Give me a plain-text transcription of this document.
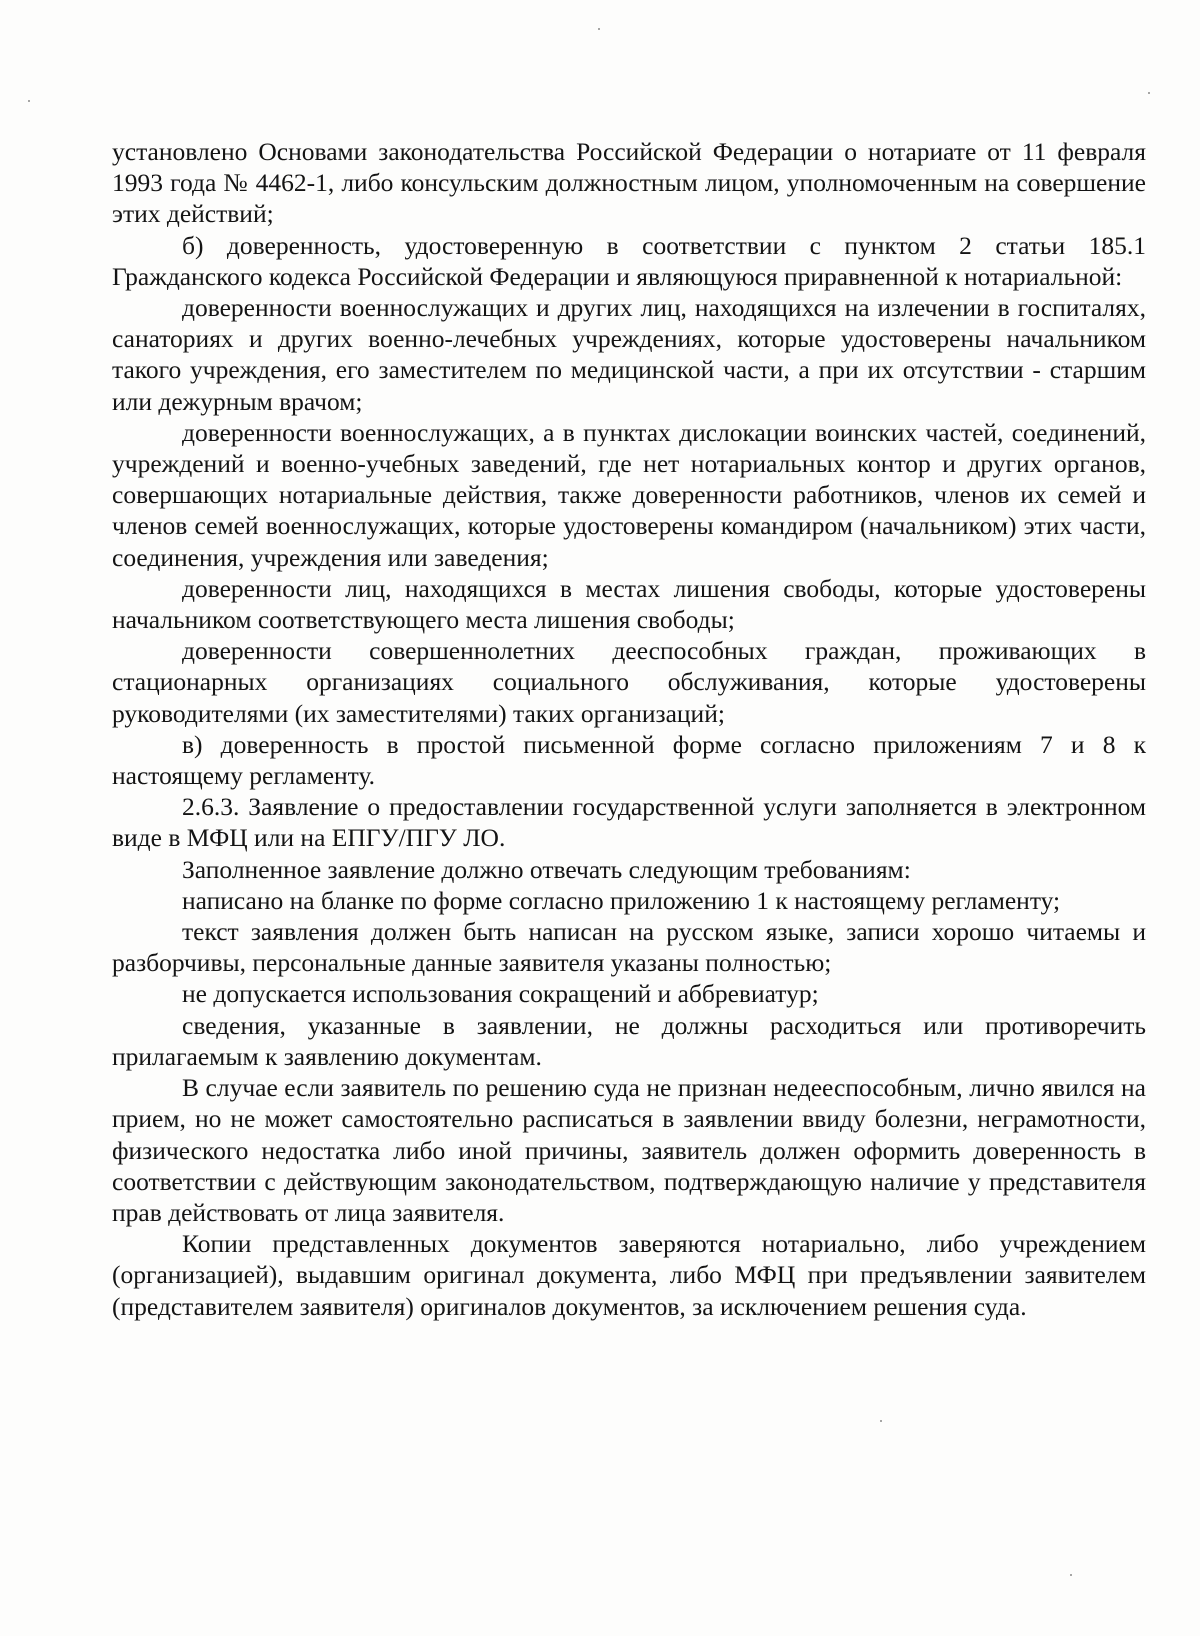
установлено Основами законодательства Российской Федерации о нотариате от 11 февраля 1993 года № 4462-1, либо консульским должностным лицом, уполномоченным на совершение этих действий;

б) доверенность, удостоверенную в соответствии с пунктом 2 статьи 185.1 Гражданского кодекса Российской Федерации и являющуюся приравненной к нотариальной:

доверенности военнослужащих и других лиц, находящихся на излечении в госпиталях, санаториях и других военно-лечебных учреждениях, которые удостоверены начальником такого учреждения, его заместителем по медицинской части, а при их отсутствии - старшим или дежурным врачом;

доверенности военнослужащих, а в пунктах дислокации воинских частей, соединений, учреждений и военно-учебных заведений, где нет нотариальных контор и других органов, совершающих нотариальные действия, также доверенности работников, членов их семей и членов семей военнослужащих, которые удостоверены командиром (начальником) этих части, соединения, учреждения или заведения;

доверенности лиц, находящихся в местах лишения свободы, которые удостоверены начальником соответствующего места лишения свободы;

доверенности совершеннолетних дееспособных граждан, проживающих в стационарных организациях социального обслуживания, которые удостоверены руководителями (их заместителями) таких организаций;

в) доверенность в простой письменной форме согласно приложениям 7 и 8 к настоящему регламенту.

2.6.3. Заявление о предоставлении государственной услуги заполняется в электронном виде в МФЦ или на ЕПГУ/ПГУ ЛО.

Заполненное заявление должно отвечать следующим требованиям:

написано на бланке по форме согласно приложению 1 к настоящему регламенту;

текст заявления должен быть написан на русском языке, записи хорошо читаемы и разборчивы, персональные данные заявителя указаны полностью;

не допускается использования сокращений и аббревиатур;

сведения, указанные в заявлении, не должны расходиться или противоречить прилагаемым к заявлению документам.

В случае если заявитель по решению суда не признан недееспособным, лично явился на прием, но не может самостоятельно расписаться в заявлении ввиду болезни, неграмотности, физического недостатка либо иной причины, заявитель должен оформить доверенность в соответствии с действующим законодательством, подтверждающую наличие у представителя прав действовать от лица заявителя.

Копии представленных документов заверяются нотариально, либо учреждением (организацией), выдавшим оригинал документа, либо МФЦ при предъявлении заявителем (представителем заявителя) оригиналов документов, за исключением решения суда.
